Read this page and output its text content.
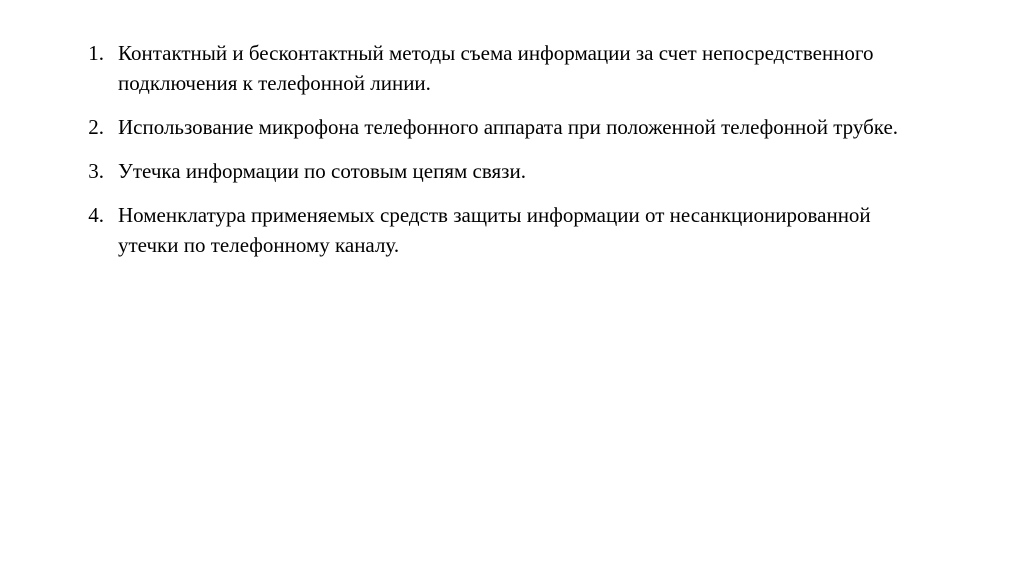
1. Контактный и бесконтактный методы съема информации за счет непосредственного подключения к телефонной линии.
2. Использование микрофона телефонного аппарата при положенной телефонной трубке.
3. Утечка информации по сотовым цепям связи.
4. Номенклатура применяемых средств защиты информации от несанкционированной утечки по телефонному каналу.
